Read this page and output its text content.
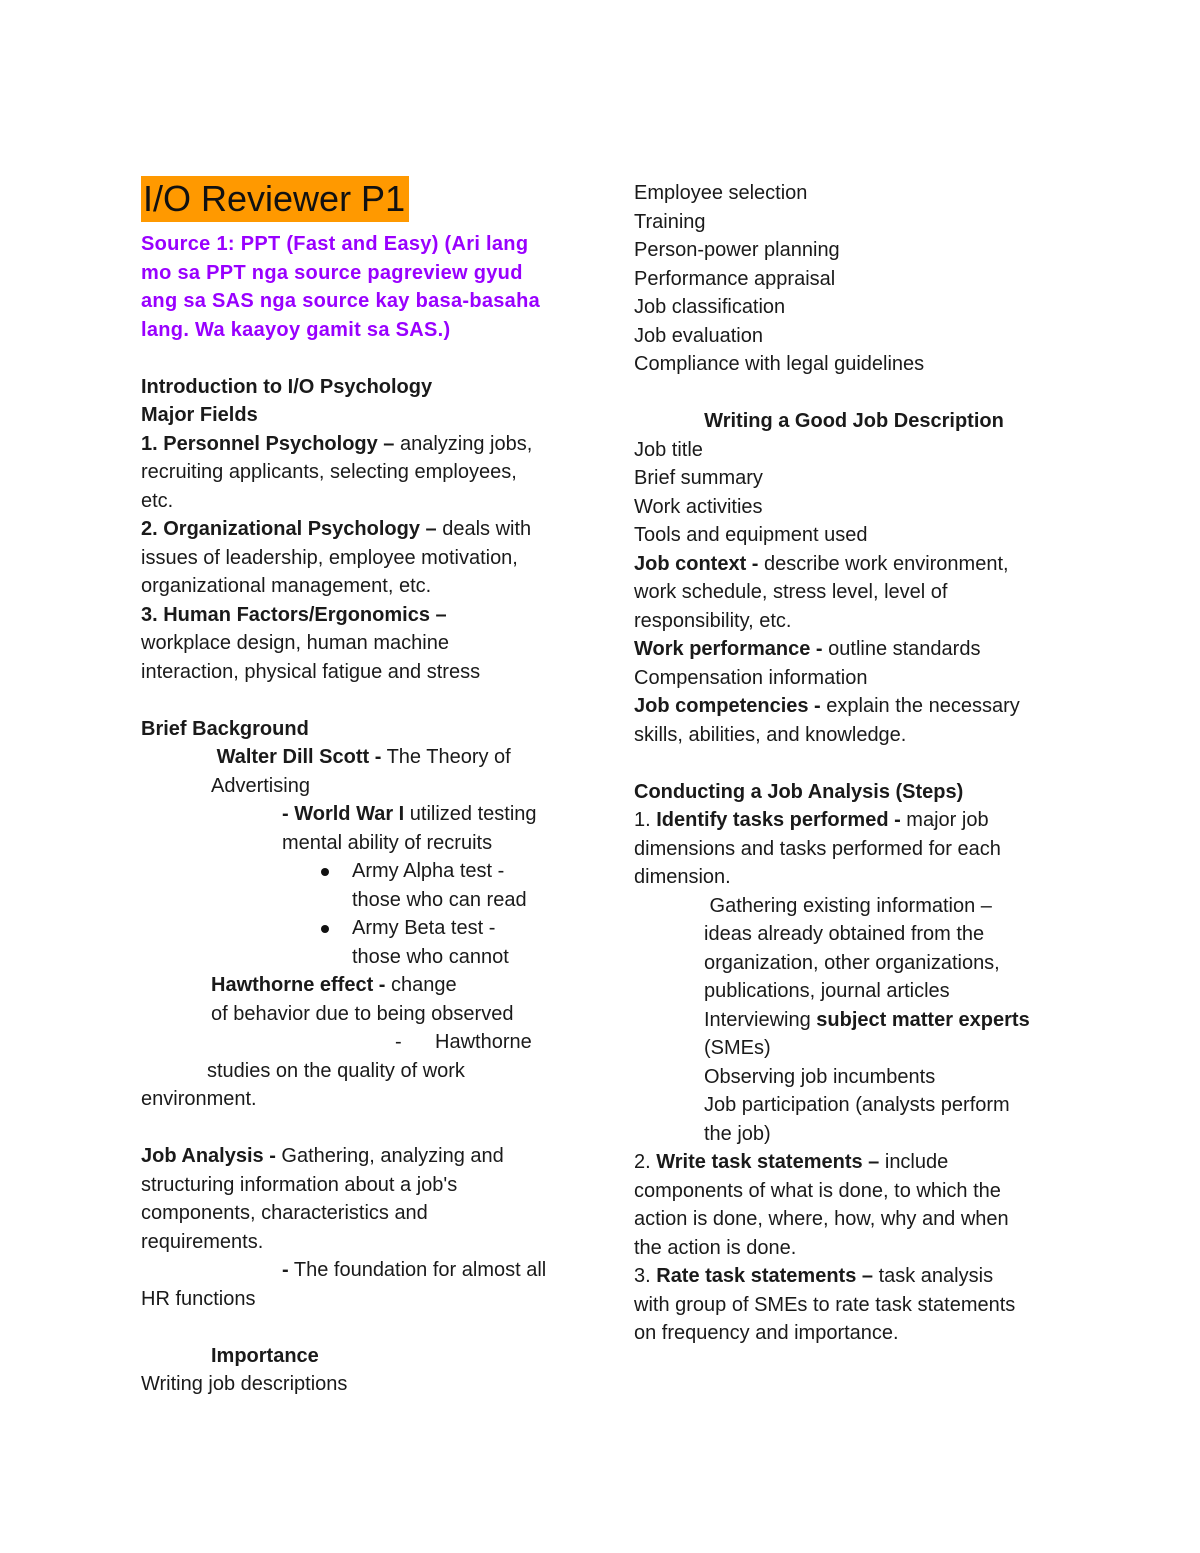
I/O Reviewer P1
Source 1: PPT (Fast and Easy) (Ari lang
mo sa PPT nga source pagreview gyud
ang sa SAS nga source kay basa-basaha
lang. Wa kaayoy gamit sa SAS.)
Introduction to I/O Psychology
Major Fields
1. Personnel Psychology – analyzing jobs,
recruiting applicants, selecting employees,
etc.
2. Organizational Psychology – deals with
issues of leadership, employee motivation,
organizational management, etc.
3. Human Factors/Ergonomics –
workplace design, human machine
interaction, physical fatigue and stress
Brief Background
Walter Dill Scott - The Theory of
Advertising
- World War I utilized testing
mental ability of recruits
Army Alpha test -
those who can read
Army Beta test -
those who cannot
Hawthorne effect - change
of behavior due to being observed
-      Hawthorne
studies on the quality of work
environment.
Job Analysis - Gathering, analyzing and
structuring information about a job's
components, characteristics and
requirements.
- The foundation for almost all
HR functions
Importance
Writing job descriptions
Employee selection
Training
Person-power planning
Performance appraisal
Job classification
Job evaluation
Compliance with legal guidelines
Writing a Good Job Description
Job title
Brief summary
Work activities
Tools and equipment used
Job context - describe work environment,
work schedule, stress level, level of
responsibility, etc.
Work performance - outline standards
Compensation information
Job competencies - explain the necessary
skills, abilities, and knowledge.
Conducting a Job Analysis (Steps)
1. Identify tasks performed - major job
dimensions and tasks performed for each
dimension.
Gathering existing information –
ideas already obtained from the
organization, other organizations,
publications, journal articles
Interviewing subject matter experts
(SMEs)
Observing job incumbents
Job participation (analysts perform
the job)
2. Write task statements – include
components of what is done, to which the
action is done, where, how, why and when
the action is done.
3. Rate task statements – task analysis
with group of SMEs to rate task statements
on frequency and importance.
